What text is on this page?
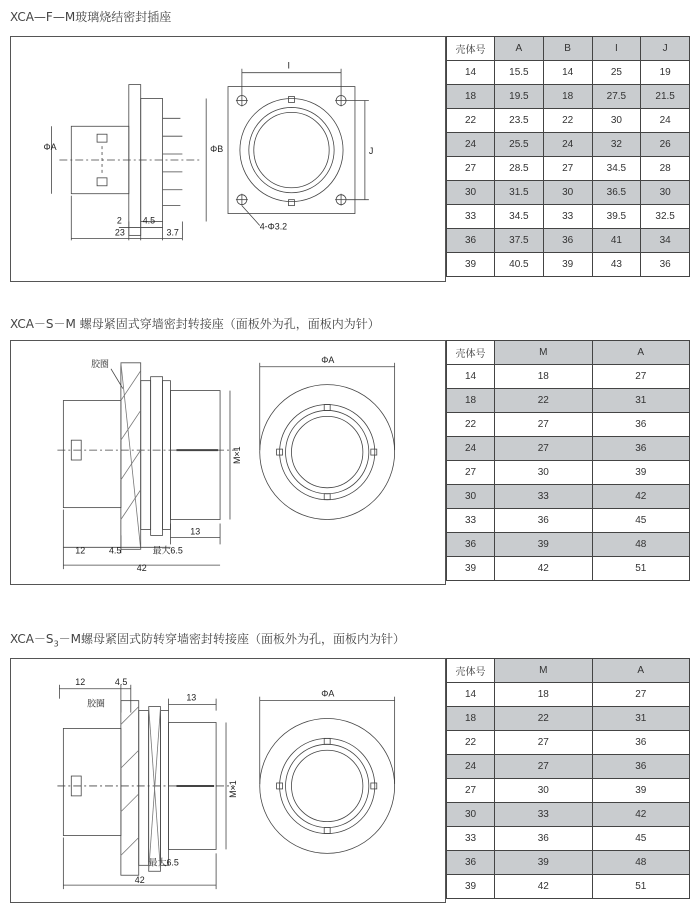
XCA—F—M玻璃烧结密封插座
ΦA	ΦB
I
J
2 4.5
23	3.7
4-Φ3.2
壳体号	A	B	I	J
14	15.5	14	25	19
18	19.5	18	27.5	21.5
22	23.5	22	30	24
24	25.5	24	32	26
27	28.5	27	34.5	28
30	31.5	30	36.5	30
33	34.5	33	39.5	32.5
36	37.5	36	41	34
39	40.5	39	43	36
XCA－S－M 螺母紧固式穿墙密封转接座（面板外为孔，面板内为针）
胶圈	ΦA
M×1
13
12	4.5	最大6.5
42
壳体号	M	A
14	18	27
18	22	31
22	27	36
24	27	36
27	30	39
30	33	42
33	36	45
36	39	48
39	42	51
$XCA-S_3-M$螺母紧固式防转穿墙密封转接座（面板外为孔，面板内为针）
12	4.5
胶圈
13	ΦA
M×1
最大6.5
42
壳体号	M	A
14	18	27
18	22	31
22	27	36
24	27	36
27	30	39
30	33	42
33	36	45
36	39	48
39	42	51
